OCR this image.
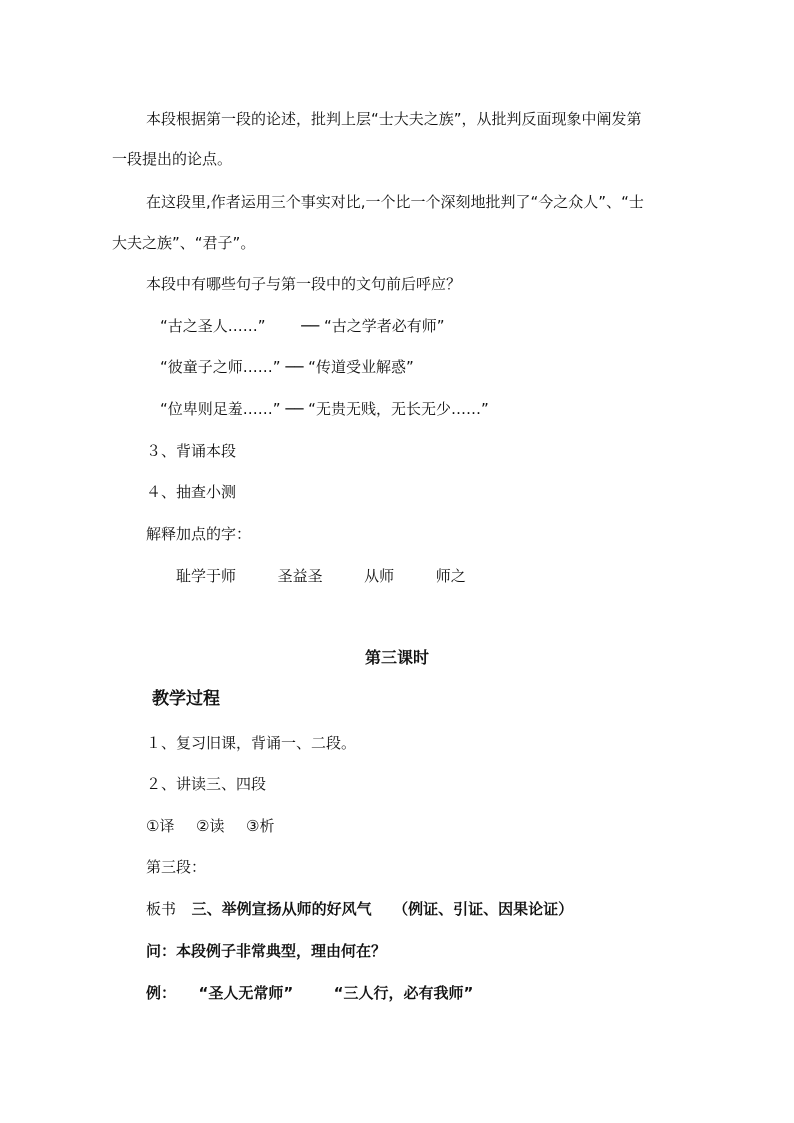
本段根据第一段的论述，批判上层“士大夫之族”，从批判反面现象中阐发第
一段提出的论点。
在这段里,作者运用三个事实对比,一个比一个深刻地批判了“今之众人”、“士
大夫之族”、“君子”。
本段中有哪些句子与第一段中的文句前后呼应？
“古之圣人……” ── “古之学者必有师”
“彼童子之师……” ── “传道受业解惑”
“位卑则足羞……” ── “无贵无贱，无长无少……”
３、背诵本段
４、抽查小测
解释加点的字：
耻学于师	圣益圣	从师	师之
第三课时
教学过程
１、复习旧课，背诵一、二段。
２、讲读三、四段
①译 ②读 ③析
第三段：
板书 三、举例宣扬从师的好风气 （例证、引证、因果论证）
问：本段例子非常典型，理由何在？
例： “圣人无常师”	“三人行，必有我师”
